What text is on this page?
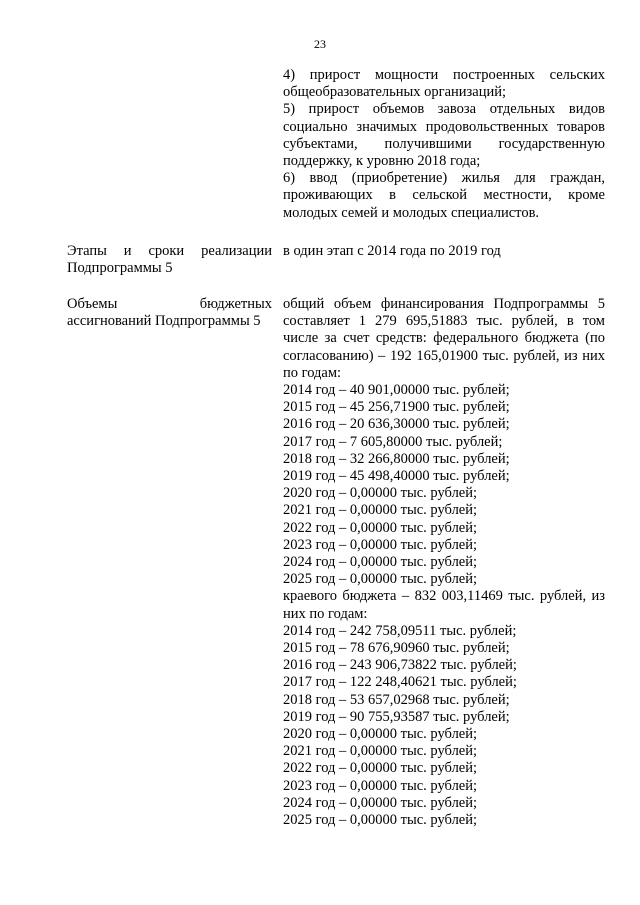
23
4) прирост мощности построенных сельских общеобразовательных организаций;
5) прирост объемов завоза отдельных видов социально значимых продовольственных товаров субъектами, получившими государственную поддержку, к уровню 2018 года;
6) ввод (приобретение) жилья для граждан, проживающих в сельской местности, кроме молодых семей и молодых специалистов.
Этапы и сроки реализации Подпрограммы 5
в один этап с 2014 года по 2019 год
Объемы бюджетных ассигнований Подпрограммы 5
общий объем финансирования Подпрограммы 5 составляет 1 279 695,51883 тыс. рублей, в том числе за счет средств: федерального бюджета (по согласованию) – 192 165,01900 тыс. рублей, из них по годам:
2014 год – 40 901,00000 тыс. рублей;
2015 год – 45 256,71900 тыс. рублей;
2016 год – 20 636,30000 тыс. рублей;
2017 год – 7 605,80000 тыс. рублей;
2018 год – 32 266,80000 тыс. рублей;
2019 год – 45 498,40000 тыс. рублей;
2020 год – 0,00000 тыс. рублей;
2021 год – 0,00000 тыс. рублей;
2022 год – 0,00000 тыс. рублей;
2023 год – 0,00000 тыс. рублей;
2024 год – 0,00000 тыс. рублей;
2025 год – 0,00000 тыс. рублей;
краевого бюджета – 832 003,11469 тыс. рублей, из них по годам:
2014 год – 242 758,09511 тыс. рублей;
2015 год – 78 676,90960 тыс. рублей;
2016 год – 243 906,73822 тыс. рублей;
2017 год – 122 248,40621 тыс. рублей;
2018 год – 53 657,02968 тыс. рублей;
2019 год – 90 755,93587 тыс. рублей;
2020 год – 0,00000 тыс. рублей;
2021 год – 0,00000 тыс. рублей;
2022 год – 0,00000 тыс. рублей;
2023 год – 0,00000 тыс. рублей;
2024 год – 0,00000 тыс. рублей;
2025 год – 0,00000 тыс. рублей;
